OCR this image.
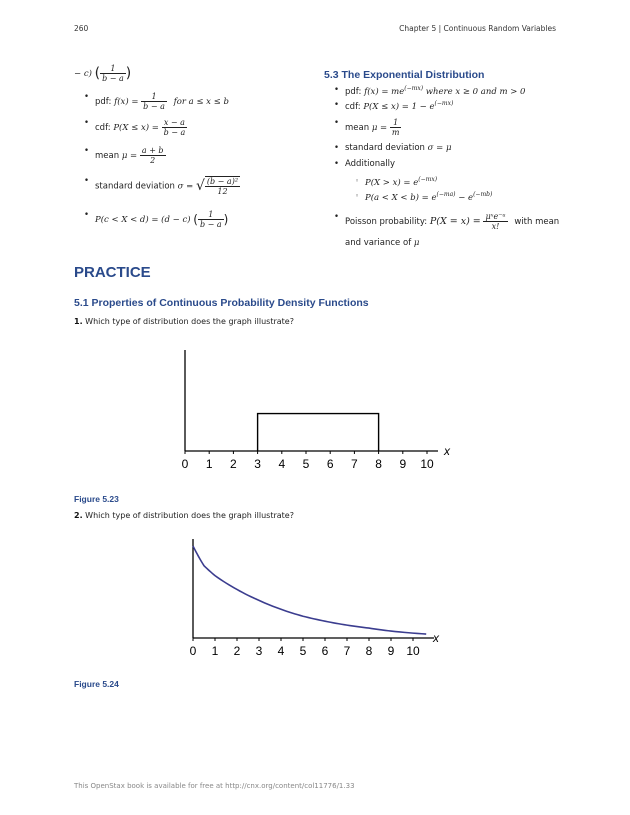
260	Chapter 5 | Continuous Random Variables
− c) ( $\frac{1}{b - a}$ )
• pdf: $f(x) = \frac{1}{b - a}$ for a ≤ x ≤ b
• cdf: $P(X \le x) = \frac{x - a}{b - a}$
• mean $\mu = \frac{a + b}{2}$
• standard deviation σ = √ $\frac{\text{(b − a)²}}{12}$
• P(c < X < d) = (d − c) ( $\frac{1}{b - a}$ )
5.3 The Exponential Distribution
• pdf: $f(x) = me^{(-mx)}$ where x ≥ 0 and m > 0
• cdf: $P(X \le x) = 1 - e^{(-mx)}$
• mean $\mu = \frac{1}{m}$
• standard deviation σ = μ
• Additionally
◦ $P(X > x) = e^{(-mx)}$
◦ $P(a < X < b) = e^{(-ma)} - e^{(-mb)}$
• Poisson probability: $P(X = x) = \frac{\text{μˣe⁻ᵘ}}{x!}$ with mean
and variance of μ
PRACTICE
5.1 Properties of Continuous Probability Density Functions
1. Which type of distribution does the graph illustrate?
0 1 2 3 4 5 6 7 8 9 10
x
Figure 5.23
2. Which type of distribution does the graph illustrate?
0 1 2 3 4 5 6 7 8 9 10
x
Figure 5.24
This OpenStax book is available for free at http://cnx.org/content/col11776/1.33
